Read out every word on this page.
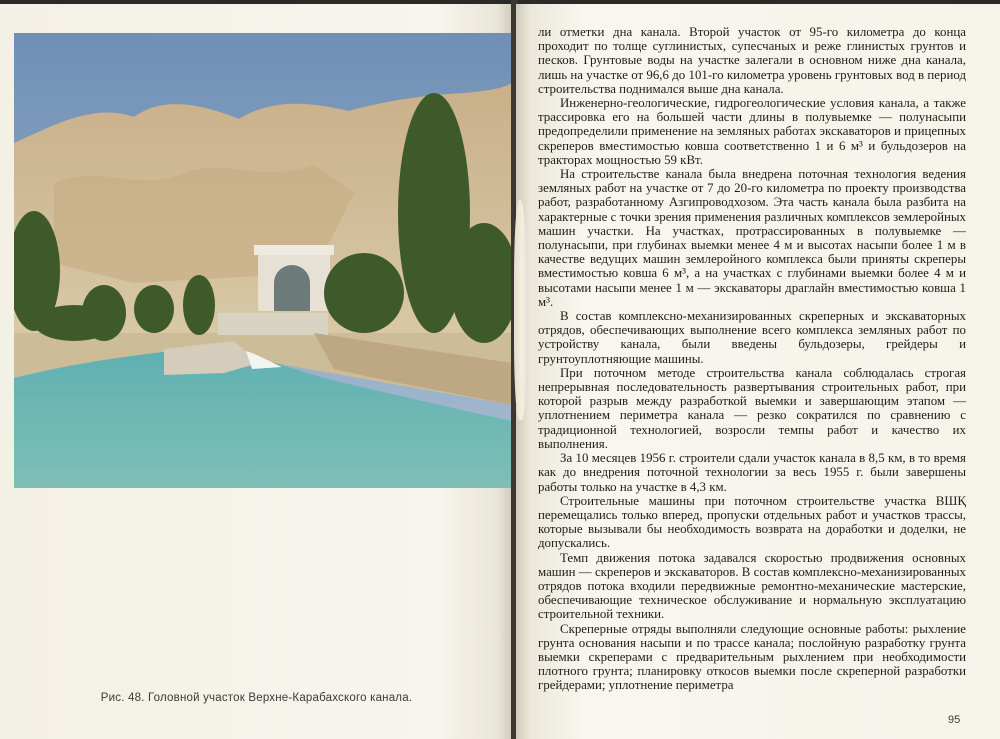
Рис. 48. Головной участок Верхне-Карабахского канала.

ли отметки дна канала. Второй участок от 95-го километра до конца проходит по толще суглинистых, супесчаных и реже глинистых грунтов и песков. Грунтовые воды на участке залегали в основном ниже дна канала, лишь на участке от 96,6 до 101-го километра уровень грунтовых вод в период строительства поднимался выше дна канала.

Инженерно-геологические, гидрогеологические условия канала, а также трассировка его на большей части длины в полувыемке — полунасыпи предопределили применение на земляных работах экскаваторов и прицепных скреперов вместимостью ковша соответственно 1 и 6 м³ и бульдозеров на тракторах мощностью 59 кВт.

На строительстве канала была внедрена поточная технология ведения земляных работ на участке от 7 до 20-го километра по проекту производства работ, разработанному Азгипроводхозом. Эта часть канала была разбита на характерные с точки зрения применения различных комплексов землеройных машин участки. На участках, протрассированных в полувыемке — полунасыпи, при глубинах выемки менее 4 м и высотах насыпи более 1 м в качестве ведущих машин землеройного комплекса были приняты скреперы вместимостью ковша 6 м³, а на участках с глубинами выемки более 4 м и высотами насыпи менее 1 м — экскаваторы драглайн вместимостью ковша 1 м³.

В состав комплексно-механизированных скреперных и экскаваторных отрядов, обеспечивающих выполнение всего комплекса земляных работ по устройству канала, были введены бульдозеры, грейдеры и грунтоуплотняющие машины.

При поточном методе строительства канала соблюдалась строгая непрерывная последовательность развертывания строительных работ, при которой разрыв между разработкой выемки и завершающим этапом — уплотнением периметра канала — резко сократился по сравнению с традиционной технологией, возросли темпы работ и качество их выполнения.

За 10 месяцев 1956 г. строители сдали участок канала в 8,5 км, в то время как до внедрения поточной технологии за весь 1955 г. были завершены работы только на участке в 4,3 км.

Строительные машины при поточном строительстве участка ВШҚ перемещались только вперед, пропуски отдельных работ и участков трассы, которые вызывали бы необходимость возврата на доработки и доделки, не допускались.

Темп движения потока задавался скоростью продвижения основных машин — скреперов и экскаваторов. В состав комплексно-механизированных отрядов потока входили передвижные ремонтно-механические мастерские, обеспечивающие техническое обслуживание и нормальную эксплуатацию строительной техники.

Скреперные отряды выполняли следующие основные работы: рыхление грунта основания насыпи и по трассе канала; послойную разработку грунта выемки скреперами с предварительным рыхлением при необходимости плотного грунта; планировку откосов выемки после скреперной разработки грейдерами; уплотнение периметра

95
